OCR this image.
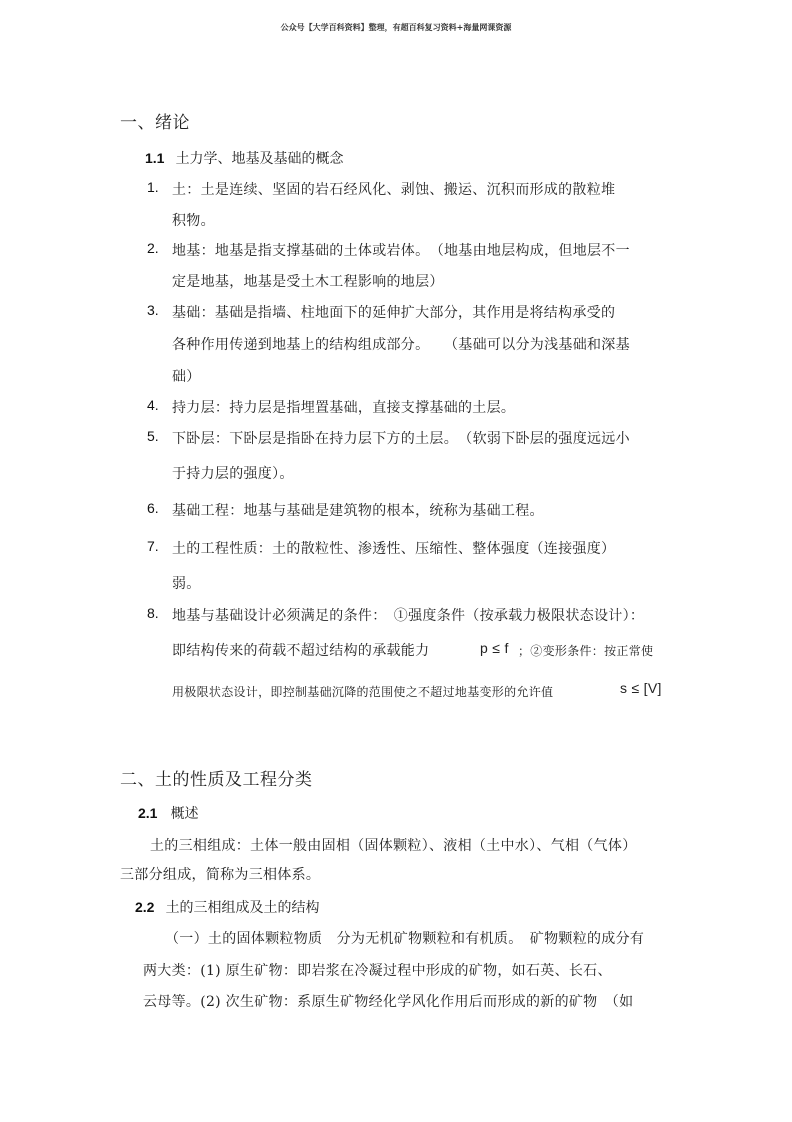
公众号【大学百科资料】整理，有超百科复习资料+海量网课资源
一、绪论
1.1 土力学、地基及基础的概念
1. 土：土是连续、坚固的岩石经风化、剥蚀、搬运、沉积而形成的散粒堆
积物。
2. 地基：地基是指支撑基础的土体或岩体。　（地基由地层构成，但地层不一
定是地基，地基是受土木工程影响的地层）
3. 基础：基础是指墙、柱地面下的延伸扩大部分，其作用是将结构承受的
各种作用传递到地基上的结构组成部分。　　（基础可以分为浅基础和深基
础）
4. 持力层：持力层是指埋置基础，直接支撑基础的土层。
5. 下卧层：下卧层是指卧在持力层下方的土层。　（软弱下卧层的强度远远小
于持力层的强度）。
6. 基础工程：地基与基础是建筑物的根本，统称为基础工程。
7. 土的工程性质：土的散粒性、渗透性、压缩性、整体强度（连接强度）
弱。
8. 地基与基础设计必须满足的条件：　①强度条件（按承载力极限状态设计）：
即结构传来的荷载不超过结构的承载能力	p ≤ f ；②变形条件：按正常使
用极限状态设计，即控制基础沉降的范围使之不超过地基变形的允许值	s ≤ [V]
二、土的性质及工程分类
2.1 概述
土的三相组成：土体一般由固相（固体颗粒）、液相（土中水）、气相（气体）
三部分组成，简称为三相体系。
2.2 土的三相组成及土的结构
（一）土的固体颗粒物质　分为无机矿物颗粒和有机质。　矿物颗粒的成分有
两大类：(1) 原生矿物：即岩浆在冷凝过程中形成的矿物，如石英、长石、
云母等。(2) 次生矿物：系原生矿物经化学风化作用后而形成的新的矿物　（如
